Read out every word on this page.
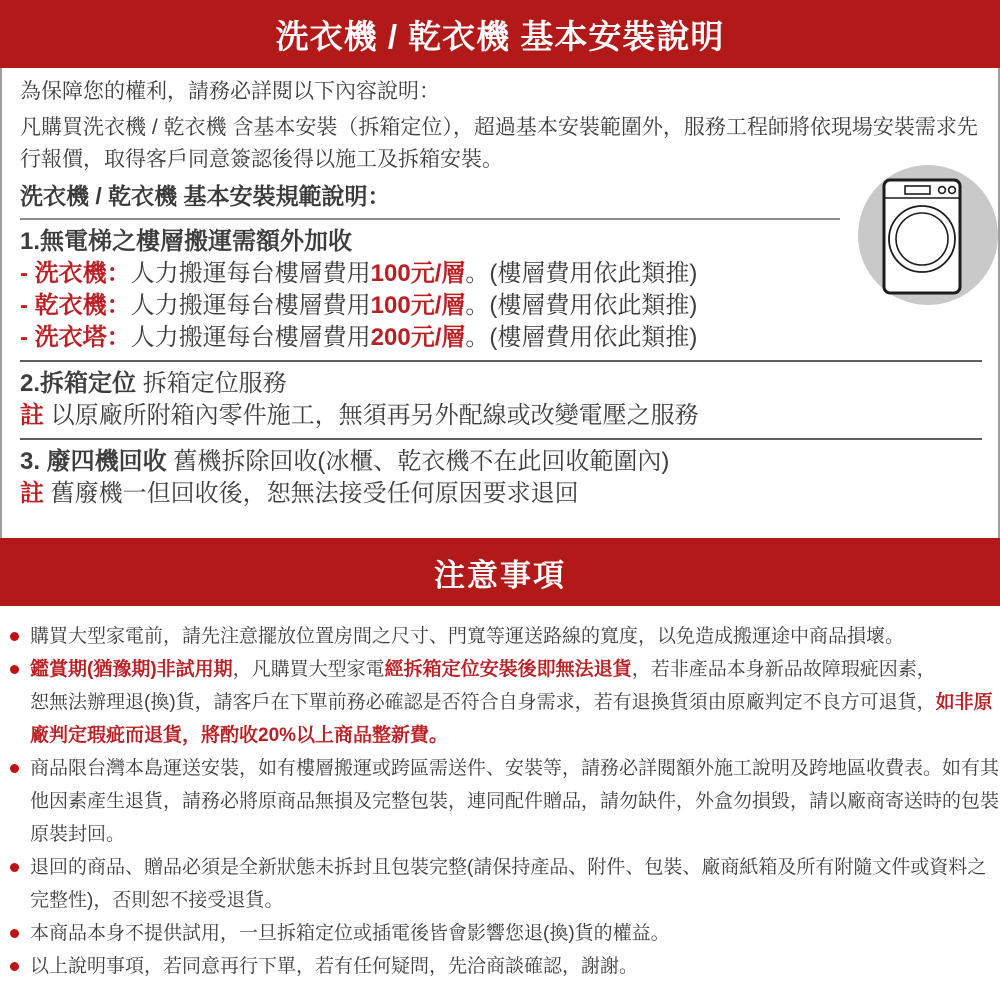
洗衣機 / 乾衣機 基本安裝說明
為保障您的權利，請務必詳閱以下內容說明：
凡購買洗衣機 / 乾衣機 含基本安裝（拆箱定位），超過基本安裝範圍外，服務工程師將依現場安裝需求先
行報價，取得客戶同意簽認後得以施工及拆箱安裝。
洗衣機 / 乾衣機 基本安裝規範說明：
1.無電梯之樓層搬運需額外加收
- 洗衣機：人力搬運每台樓層費用100元/層。(樓層費用依此類推)
- 乾衣機：人力搬運每台樓層費用100元/層。(樓層費用依此類推)
- 洗衣塔：人力搬運每台樓層費用200元/層。(樓層費用依此類推)
2.拆箱定位 拆箱定位服務
註 以原廠所附箱內零件施工，無須再另外配線或改變電壓之服務
3. 廢四機回收 舊機拆除回收(冰櫃、乾衣機不在此回收範圍內)
註 舊廢機一但回收後，恕無法接受任何原因要求退回
注意事項
購買大型家電前，請先注意擺放位置房間之尺寸、門寬等運送路線的寬度，以免造成搬運途中商品損壞。
鑑賞期(猶豫期)非試用期，凡購買大型家電經拆箱定位安裝後即無法退貨，若非產品本身新品故障瑕疵因素，
恕無法辦理退(換)貨，請客戶在下單前務必確認是否符合自身需求，若有退換貨須由原廠判定不良方可退貨，如非原
廠判定瑕疵而退貨，將酌收20%以上商品整新費。
商品限台灣本島運送安裝，如有樓層搬運或跨區需送件、安裝等，請務必詳閱額外施工說明及跨地區收費表。如有其
他因素產生退貨，請務必將原商品無損及完整包裝，連同配件贈品，請勿缺件，外盒勿損毀，請以廠商寄送時的包裝
原裝封回。
退回的商品、贈品必須是全新狀態未拆封且包裝完整(請保持產品、附件、包裝、廠商紙箱及所有附隨文件或資料之
完整性)，否則恕不接受退貨。
本商品本身不提供試用，一旦拆箱定位或插電後皆會影響您退(換)貨的權益。
以上說明事項，若同意再行下單，若有任何疑問，先洽商談確認，謝謝。
